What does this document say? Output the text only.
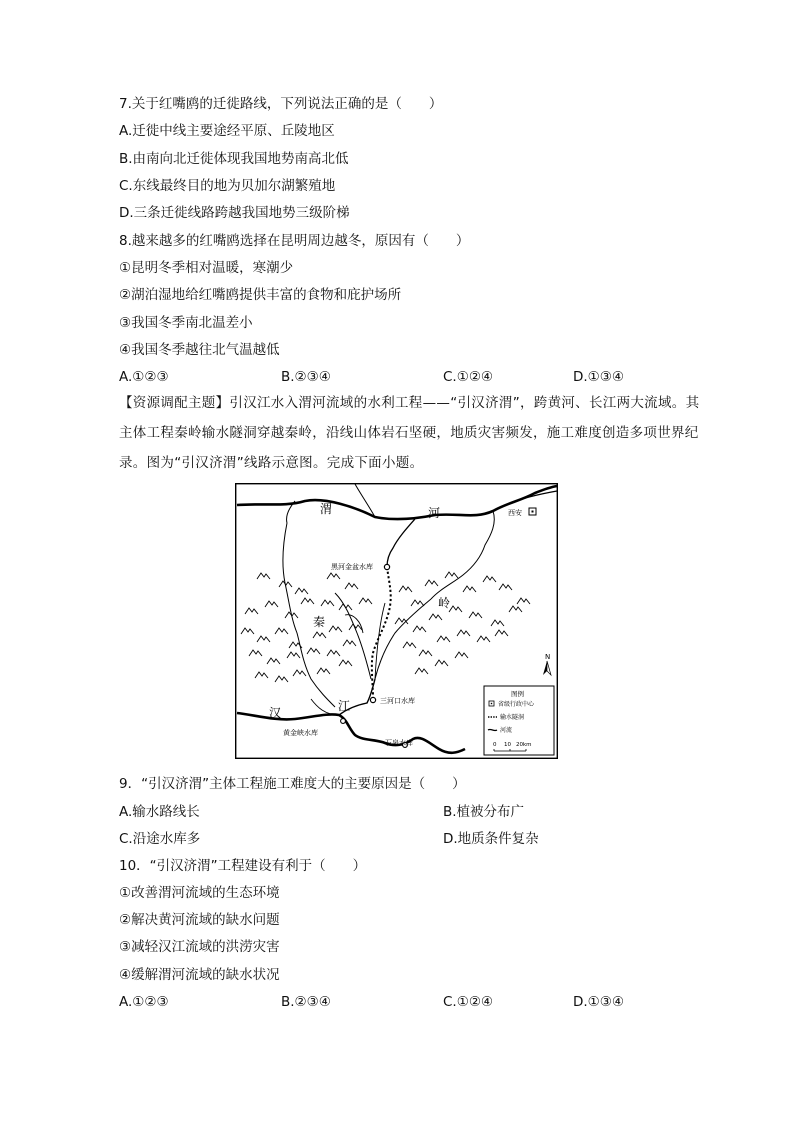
7.关于红嘴鸥的迁徙路线，下列说法正确的是（　　）
A.迁徙中线主要途经平原、丘陵地区
B.由南向北迁徙体现我国地势南高北低
C.东线最终目的地为贝加尔湖繁殖地
D.三条迁徙线路跨越我国地势三级阶梯
8.越来越多的红嘴鸥选择在昆明周边越冬，原因有（　　）
①昆明冬季相对温暖，寒潮少
②湖泊湿地给红嘴鸥提供丰富的食物和庇护场所
③我国冬季南北温差小
④我国冬季越往北气温越低
A.①②③	B.②③④	C.①②④	D.①③④
【资源调配主题】引汉江水入渭河流域的水利工程——“引汉济渭”，跨黄河、长江两大流域。其主体工程秦岭输水隧洞穿越秦岭，沿线山体岩石坚硬，地质灾害频发，施工难度创造多项世界纪录。图为“引汉济渭”线路示意图。完成下面小题。
西安
黑河金盆水库
三河口水库
黄金峡水库
石泉水库
渭	河
秦
岭
汉	江
N
图例
省级行政中心
输水隧洞
河流
0 10 20km
9．“引汉济渭”主体工程施工难度大的主要原因是（　　）
A.输水路线长	B.植被分布广
C.沿途水库多	D.地质条件复杂
10．“引汉济渭”工程建设有利于（　　）
①改善渭河流域的生态环境
②解决黄河流域的缺水问题
③减轻汉江流域的洪涝灾害
④缓解渭河流域的缺水状况
A.①②③	B.②③④	C.①②④	D.①③④
